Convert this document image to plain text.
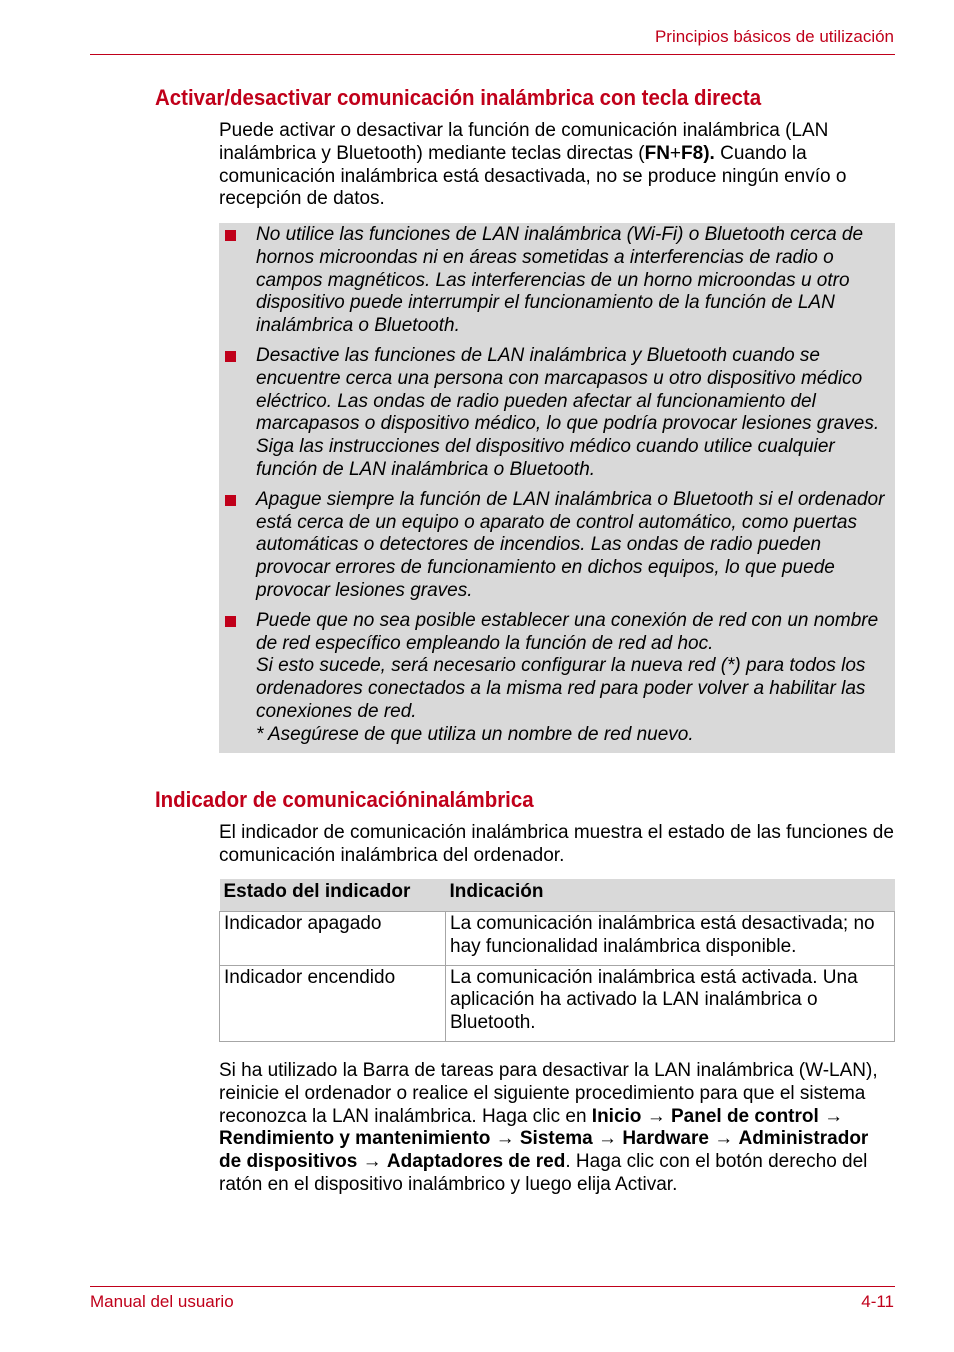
Principios básicos de utilización
Activar/desactivar comunicación inalámbrica con tecla directa

Puede activar o desactivar la función de comunicación inalámbrica (LAN inalámbrica y Bluetooth) mediante teclas directas (FN+F8). Cuando la comunicación inalámbrica está desactivada, no se produce ningún envío o recepción de datos.

No utilice las funciones de LAN inalámbrica (Wi-Fi) o Bluetooth cerca de hornos microondas ni en áreas sometidas a interferencias de radio o campos magnéticos. Las interferencias de un horno microondas u otro dispositivo puede interrumpir el funcionamiento de la función de LAN inalámbrica o Bluetooth.

Desactive las funciones de LAN inalámbrica y Bluetooth cuando se encuentre cerca una persona con marcapasos u otro dispositivo médico eléctrico. Las ondas de radio pueden afectar al funcionamiento del marcapasos o dispositivo médico, lo que podría provocar lesiones graves. Siga las instrucciones del dispositivo médico cuando utilice cualquier función de LAN inalámbrica o Bluetooth.

Apague siempre la función de LAN inalámbrica o Bluetooth si el ordenador está cerca de un equipo o aparato de control automático, como puertas automáticas o detectores de incendios. Las ondas de radio pueden provocar errores de funcionamiento en dichos equipos, lo que puede provocar lesiones graves.

Puede que no sea posible establecer una conexión de red con un nombre de red específico empleando la función de red ad hoc.

Si esto sucede, será necesario configurar la nueva red (*) para todos los ordenadores conectados a la misma red para poder volver a habilitar las conexiones de red.

* Asegúrese de que utiliza un nombre de red nuevo.

Indicador de comunicacióninalámbrica

El indicador de comunicación inalámbrica muestra el estado de las funciones de comunicación inalámbrica del ordenador.

Estado del indicador	Indicación
Indicador apagado	La comunicación inalámbrica está desactivada; no hay funcionalidad inalámbrica disponible.
Indicador encendido	La comunicación inalámbrica está activada. Una aplicación ha activado la LAN inalámbrica o Bluetooth.

Si ha utilizado la Barra de tareas para desactivar la LAN inalámbrica (W-LAN), reinicie el ordenador o realice el siguiente procedimiento para que el sistema reconozca la LAN inalámbrica. Haga clic en Inicio → Panel de control → Rendimiento y mantenimiento → Sistema → Hardware → Administrador de dispositivos → Adaptadores de red. Haga clic con el botón derecho del ratón en el dispositivo inalámbrico y luego elija Activar.

Manual del usuario	4-11
